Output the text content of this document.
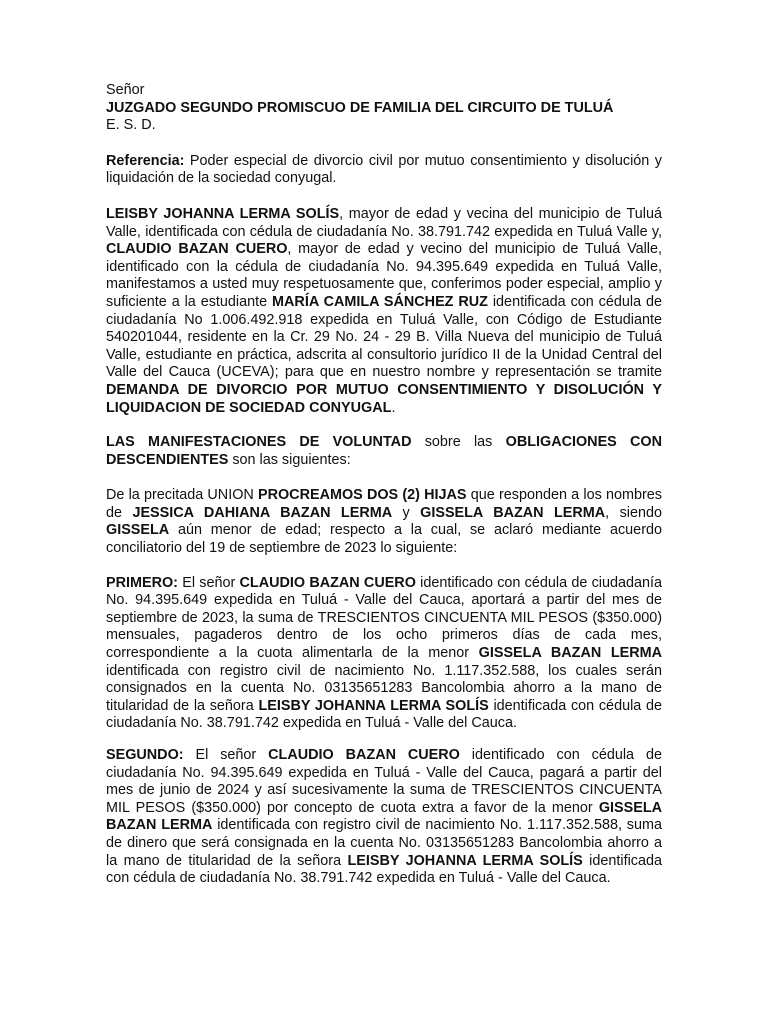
Señor

JUZGADO SEGUNDO PROMISCUO DE FAMILIA DEL CIRCUITO DE TULUÁ

E. S. D.

Referencia: Poder especial de divorcio civil por mutuo consentimiento y disolución y liquidación de la sociedad conyugal.

LEISBY JOHANNA LERMA SOLÍS, mayor de edad y vecina del municipio de Tuluá Valle, identificada con cédula de ciudadanía No. 38.791.742 expedida en Tuluá Valle y, CLAUDIO BAZAN CUERO, mayor de edad y vecino del municipio de Tuluá Valle, identificado con la cédula de ciudadanía No. 94.395.649 expedida en Tuluá Valle, manifestamos a usted muy respetuosamente que, conferimos poder especial, amplio y suficiente a la estudiante MARÍA CAMILA SÁNCHEZ RUZ identificada con cédula de ciudadanía No 1.006.492.918 expedida en Tuluá Valle, con Código de Estudiante 540201044, residente en la Cr. 29 No. 24 - 29 B. Villa Nueva del municipio de Tuluá Valle, estudiante en práctica, adscrita al consultorio jurídico II de la Unidad Central del Valle del Cauca (UCEVA); para que en nuestro nombre y representación se tramite DEMANDA DE DIVORCIO POR MUTUO CONSENTIMIENTO Y DISOLUCIÓN Y LIQUIDACION DE SOCIEDAD CONYUGAL.

LAS MANIFESTACIONES DE VOLUNTAD sobre las OBLIGACIONES CON DESCENDIENTES son las siguientes:

De la precitada UNION PROCREAMOS DOS (2) HIJAS que responden a los nombres de JESSICA DAHIANA BAZAN LERMA y GISSELA BAZAN LERMA, siendo GISSELA aún menor de edad; respecto a la cual, se aclaró mediante acuerdo conciliatorio del 19 de septiembre de 2023 lo siguiente:

PRIMERO: El señor CLAUDIO BAZAN CUERO identificado con cédula de ciudadanía No. 94.395.649 expedida en Tuluá - Valle del Cauca, aportará a partir del mes de septiembre de 2023, la suma de TRESCIENTOS CINCUENTA MIL PESOS ($350.000) mensuales, pagaderos dentro de los ocho primeros días de cada mes, correspondiente a la cuota alimentarla de la menor GISSELA BAZAN LERMA identificada con registro civil de nacimiento No. 1.117.352.588, los cuales serán consignados en la cuenta No. 03135651283 Bancolombia ahorro a la mano de titularidad de la señora LEISBY JOHANNA LERMA SOLÍS identificada con cédula de ciudadanía No. 38.791.742 expedida en Tuluá - Valle del Cauca.

SEGUNDO: El señor CLAUDIO BAZAN CUERO identificado con cédula de ciudadanía No. 94.395.649 expedida en Tuluá - Valle del Cauca, pagará a partir del mes de junio de 2024 y así sucesivamente la suma de TRESCIENTOS CINCUENTA MIL PESOS ($350.000) por concepto de cuota extra a favor de la menor GISSELA BAZAN LERMA identificada con registro civil de nacimiento No. 1.117.352.588, suma de dinero que será consignada en la cuenta No. 03135651283 Bancolombia ahorro a la mano de titularidad de la señora LEISBY JOHANNA LERMA SOLÍS identificada con cédula de ciudadanía No. 38.791.742 expedida en Tuluá - Valle del Cauca.
